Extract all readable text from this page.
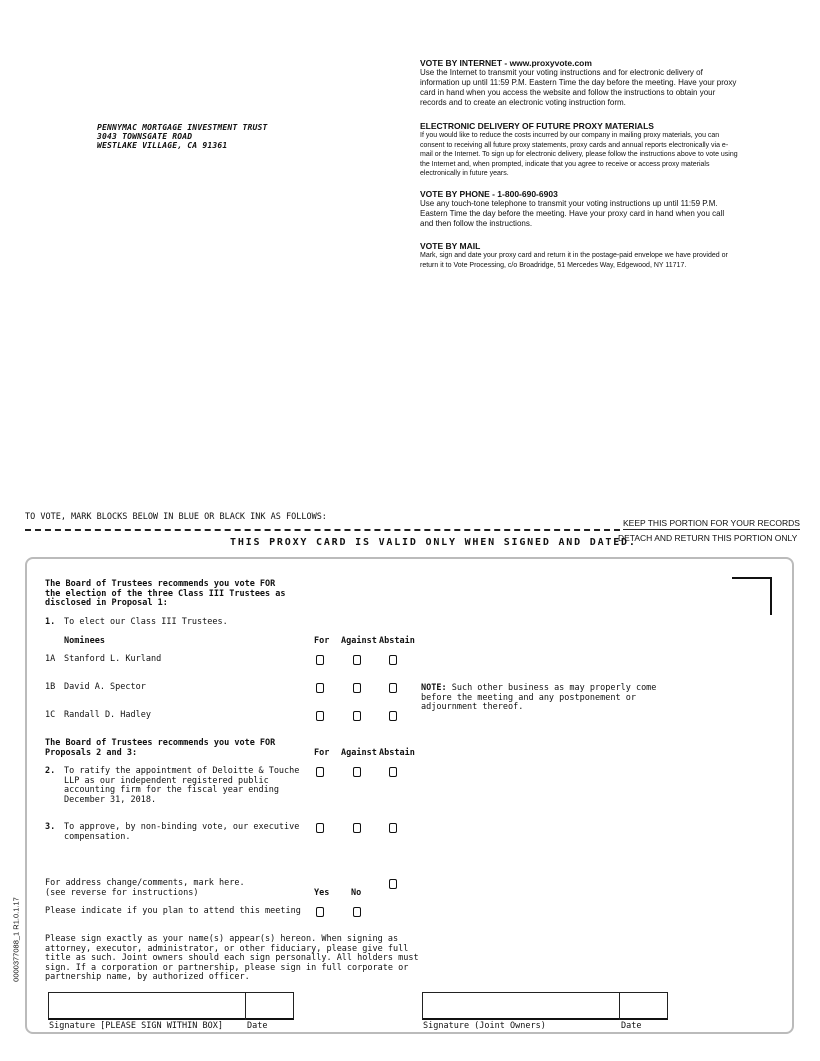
PENNYMAC MORTGAGE INVESTMENT TRUST
3043 TOWNSGATE ROAD
WESTLAKE VILLAGE, CA 91361
VOTE BY INTERNET - www.proxyvote.com

Use the Internet to transmit your voting instructions and for electronic delivery of information up until 11:59 P.M. Eastern Time the day before the meeting. Have your proxy card in hand when you access the website and follow the instructions to obtain your records and to create an electronic voting instruction form.

ELECTRONIC DELIVERY OF FUTURE PROXY MATERIALS

If you would like to reduce the costs incurred by our company in mailing proxy materials, you can consent to receiving all future proxy statements, proxy cards and annual reports electronically via e-mail or the Internet. To sign up for electronic delivery, please follow the instructions above to vote using the Internet and, when prompted, indicate that you agree to receive or access proxy materials electronically in future years.

VOTE BY PHONE - 1-800-690-6903

Use any touch-tone telephone to transmit your voting instructions up until 11:59 P.M. Eastern Time the day before the meeting. Have your proxy card in hand when you call and then follow the instructions.

VOTE BY MAIL

Mark, sign and date your proxy card and return it in the postage-paid envelope we have provided or return it to Vote Processing, c/o Broadridge, 51 Mercedes Way, Edgewood, NY 11717.

TO VOTE, MARK BLOCKS BELOW IN BLUE OR BLACK INK AS FOLLOWS:
KEEP THIS PORTION FOR YOUR RECORDS
THIS PROXY CARD IS VALID ONLY WHEN SIGNED AND DATED.
DETACH AND RETURN THIS PORTION ONLY
The Board of Trustees recommends you vote FOR
the election of the three Class III Trustees as
disclosed in Proposal 1:
1. To elect our Class III Trustees.
Nominees	For Against Abstain
1A Stanford L. Kurland
1B David A. Spector
1C Randall D. Hadley
NOTE: Such other business as may properly come
before the meeting and any postponement or
adjournment thereof.
The Board of Trustees recommends you vote FOR
Proposals 2 and 3:	For Against Abstain
2. To ratify the appointment of Deloitte & Touche
LLP as our independent registered public
accounting firm for the fiscal year ending
December 31, 2018.
3. To approve, by non-binding vote, our executive
compensation.
For address change/comments, mark here.
(see reverse for instructions)	Yes	No
Please indicate if you plan to attend this meeting
Please sign exactly as your name(s) appear(s) hereon. When signing as
attorney, executor, administrator, or other fiduciary, please give full
title as such. Joint owners should each sign personally. All holders must
sign. If a corporation or partnership, please sign in full corporate or
partnership name, by authorized officer.
Signature [PLEASE SIGN WITHIN BOX]	Date	Signature (Joint Owners)	Date
0000377088_1 R1.0.1.17
